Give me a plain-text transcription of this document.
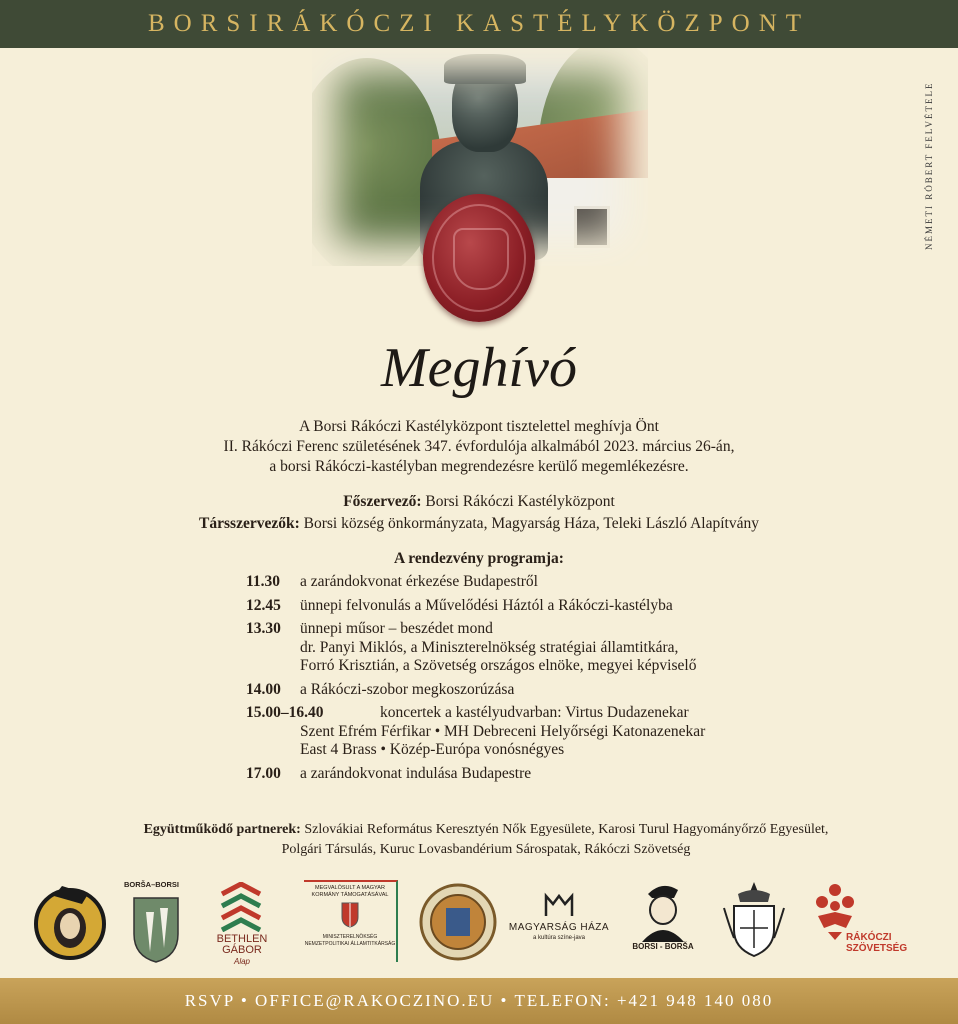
BORSIRÁKÓCZI KASTÉLYKÖZPONT
NÉMETI RÓBERT FELVÉTELE
Meghívó
A Borsi Rákóczi Kastélyközpont tisztelettel meghívja Önt
II. Rákóczi Ferenc születésének 347. évfordulója alkalmából 2023. március 26-án,
a borsi Rákóczi-kastélyban megrendezésre kerülő megemlékezésre.
Főszervező: Borsi Rákóczi Kastélyközpont
Társszervezők: Borsi község önkormányzata, Magyarság Háza, Teleki László Alapítvány
A rendezvény programja:
11.30	a zarándokvonat érkezése Budapestről
12.45	ünnepi felvonulás a Művelődési Háztól a Rákóczi-kastélyba
13.30	ünnepi műsor – beszédet mond
dr. Panyi Miklós, a Miniszterelnökség stratégiai államtitkára,
Forró Krisztián, a Szövetség országos elnöke, megyei képviselő
14.00	a Rákóczi-szobor megkoszorúzása
15.00–16.40	koncertek a kastélyudvarban: Virtus Dudazenekar
Szent Efrém Férfikar • MH Debreceni Helyőrségi Katonazenekar
East 4 Brass • Közép-Európa vonósnégyes
17.00	a zarándokvonat indulása Budapestre
Együttműködő partnerek: Szlovákiai Református Keresztyén Nők Egyesülete, Karosi Turul Hagyományőrző Egyesület,
Polgári Társulás, Kuruc Lovasbandérium Sárospatak, Rákóczi Szövetség
BORŠA–BORSI
BETHLEN GÁBOR
Alap
MEGVALÓSULT A MAGYAR KORMÁNY TÁMOGATÁSÁVAL
MINISZTERELNÖKSÉG NEMZETPOLITIKAI ÁLLAMTITKÁRSÁG
MAGYARSÁG HÁZA
a kultúra színe-java
BORSI - BORŠA
RÁKÓCZI
SZÖVETSÉG
RSVP • OFFICE@RAKOCZINO.EU • TELEFON: +421 948 140 080
